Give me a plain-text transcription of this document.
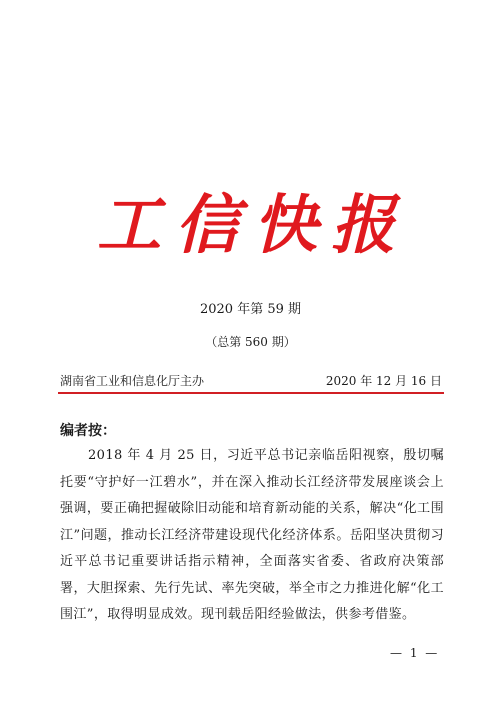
工信快报
2020 年第 59 期
（总第 560 期）
湖南省工业和信息化厅主办	2020 年 12 月 16 日
编者按：
2018 年 4 月 25 日，习近平总书记亲临岳阳视察，殷切嘱托要“守护好一江碧水”，并在深入推动长江经济带发展座谈会上强调，要正确把握破除旧动能和培育新动能的关系，解决“化工围江”问题，推动长江经济带建设现代化经济体系。岳阳坚决贯彻习近平总书记重要讲话指示精神，全面落实省委、省政府决策部署，大胆探索、先行先试、率先突破，举全市之力推进化解“化工围江”，取得明显成效。现刊载岳阳经验做法，供参考借鉴。
— 1 —
